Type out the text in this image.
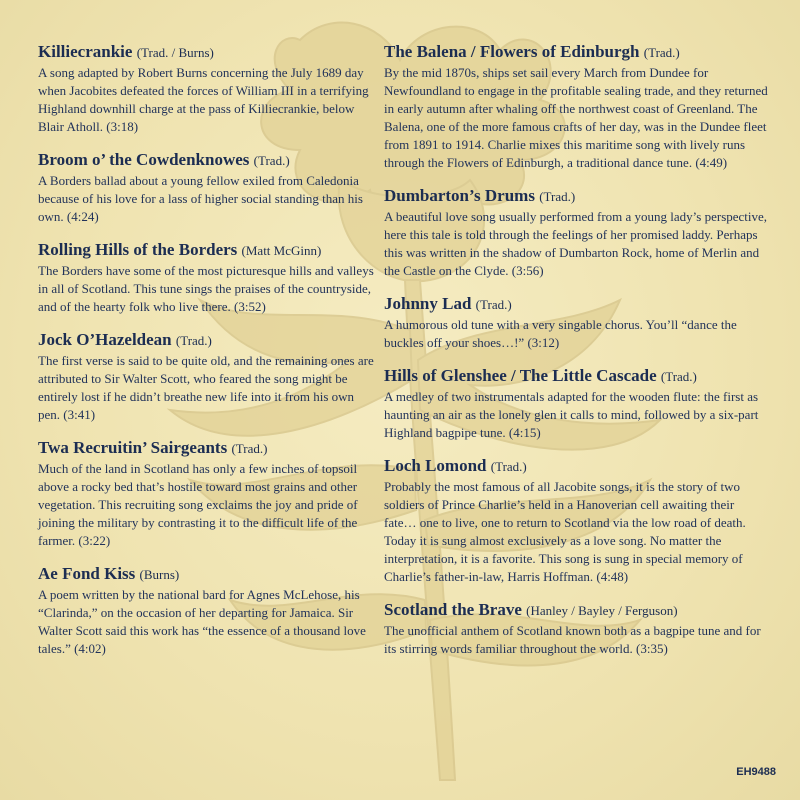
Killiecrankie (Trad. / Burns)

A song adapted by Robert Burns concerning the July 1689 day when Jacobites defeated the forces of William III in a terrifying Highland downhill charge at the pass of Killiecrankie, below Blair Atholl. (3:18)

Broom o’ the Cowdenknowes (Trad.)

A Borders ballad about a young fellow exiled from Caledonia because of his love for a lass of higher social standing than his own. (4:24)

Rolling Hills of the Borders (Matt McGinn)

The Borders have some of the most picturesque hills and valleys in all of Scotland. This tune sings the praises of the countryside, and of the hearty folk who live there. (3:52)

Jock O’Hazeldean (Trad.)

The first verse is said to be quite old, and the remaining ones are attributed to Sir Walter Scott, who feared the song might be entirely lost if he didn’t breathe new life into it from his own pen. (3:41)

Twa Recruitin’ Sairgeants (Trad.)

Much of the land in Scotland has only a few inches of topsoil above a rocky bed that’s hostile toward most grains and other vegetation. This recruiting song exclaims the joy and pride of joining the military by contrasting it to the difficult life of the farmer. (3:22)

Ae Fond Kiss (Burns)

A poem written by the national bard for Agnes McLehose, his “Clarinda,” on the occasion of her departing for Jamaica. Sir Walter Scott said this work has “the essence of a thousand love tales.” (4:02)

The Balena / Flowers of Edinburgh (Trad.)

By the mid 1870s, ships set sail every March from Dundee for Newfoundland to engage in the profitable sealing trade, and they returned in early autumn after whaling off the northwest coast of Greenland. The Balena, one of the more famous crafts of her day, was in the Dundee fleet from 1891 to 1914. Charlie mixes this maritime song with lively runs through the Flowers of Edinburgh, a traditional dance tune. (4:49)

Dumbarton’s Drums (Trad.)

A beautiful love song usually performed from a young lady’s perspective, here this tale is told through the feelings of her promised laddy. Perhaps this was written in the shadow of Dumbarton Rock, home of Merlin and the Castle on the Clyde. (3:56)

Johnny Lad (Trad.)

A humorous old tune with a very singable chorus. You’ll “dance the buckles off your shoes…!” (3:12)

Hills of Glenshee / The Little Cascade (Trad.)

A medley of two instrumentals adapted for the wooden flute: the first as haunting an air as the lonely glen it calls to mind, followed by a six-part Highland bagpipe tune. (4:15)

Loch Lomond (Trad.)

Probably the most famous of all Jacobite songs, it is the story of two soldiers of Prince Charlie’s held in a Hanoverian cell awaiting their fate… one to live, one to return to Scotland via the low road of death. Today it is sung almost exclusively as a love song. No matter the interpretation, it is a favorite. This song is sung in special memory of Charlie’s father-in-law, Harris Hoffman. (4:48)

Scotland the Brave (Hanley / Bayley / Ferguson)

The unofficial anthem of Scotland known both as a bagpipe tune and for its stirring words familiar throughout the world. (3:35)

EH9488
